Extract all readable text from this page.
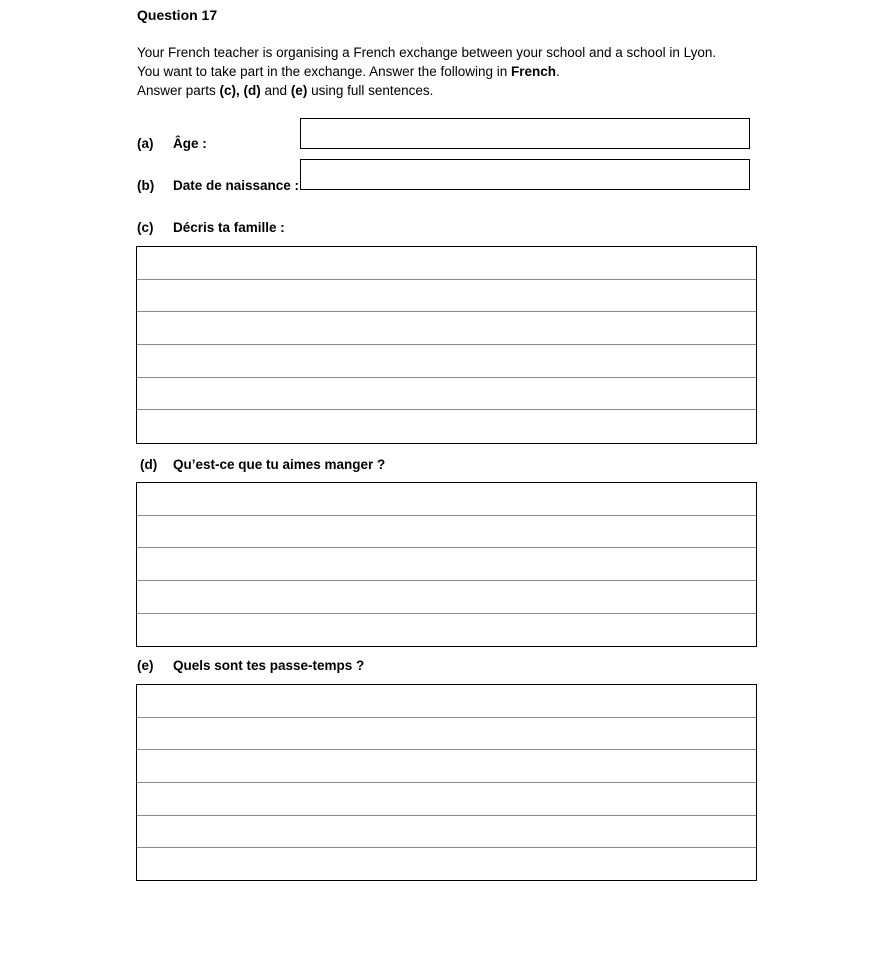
Question 17

Your French teacher is organising a French exchange between your school and a school in Lyon.

You want to take part in the exchange. Answer the following in French.

Answer parts (c), (d) and (e) using full sentences.

(a) Âge :
(b) Date de naissance :
(c) Décris ta famille :
(d) Qu’est-ce que tu aimes manger ?
(e) Quels sont tes passe-temps ?
